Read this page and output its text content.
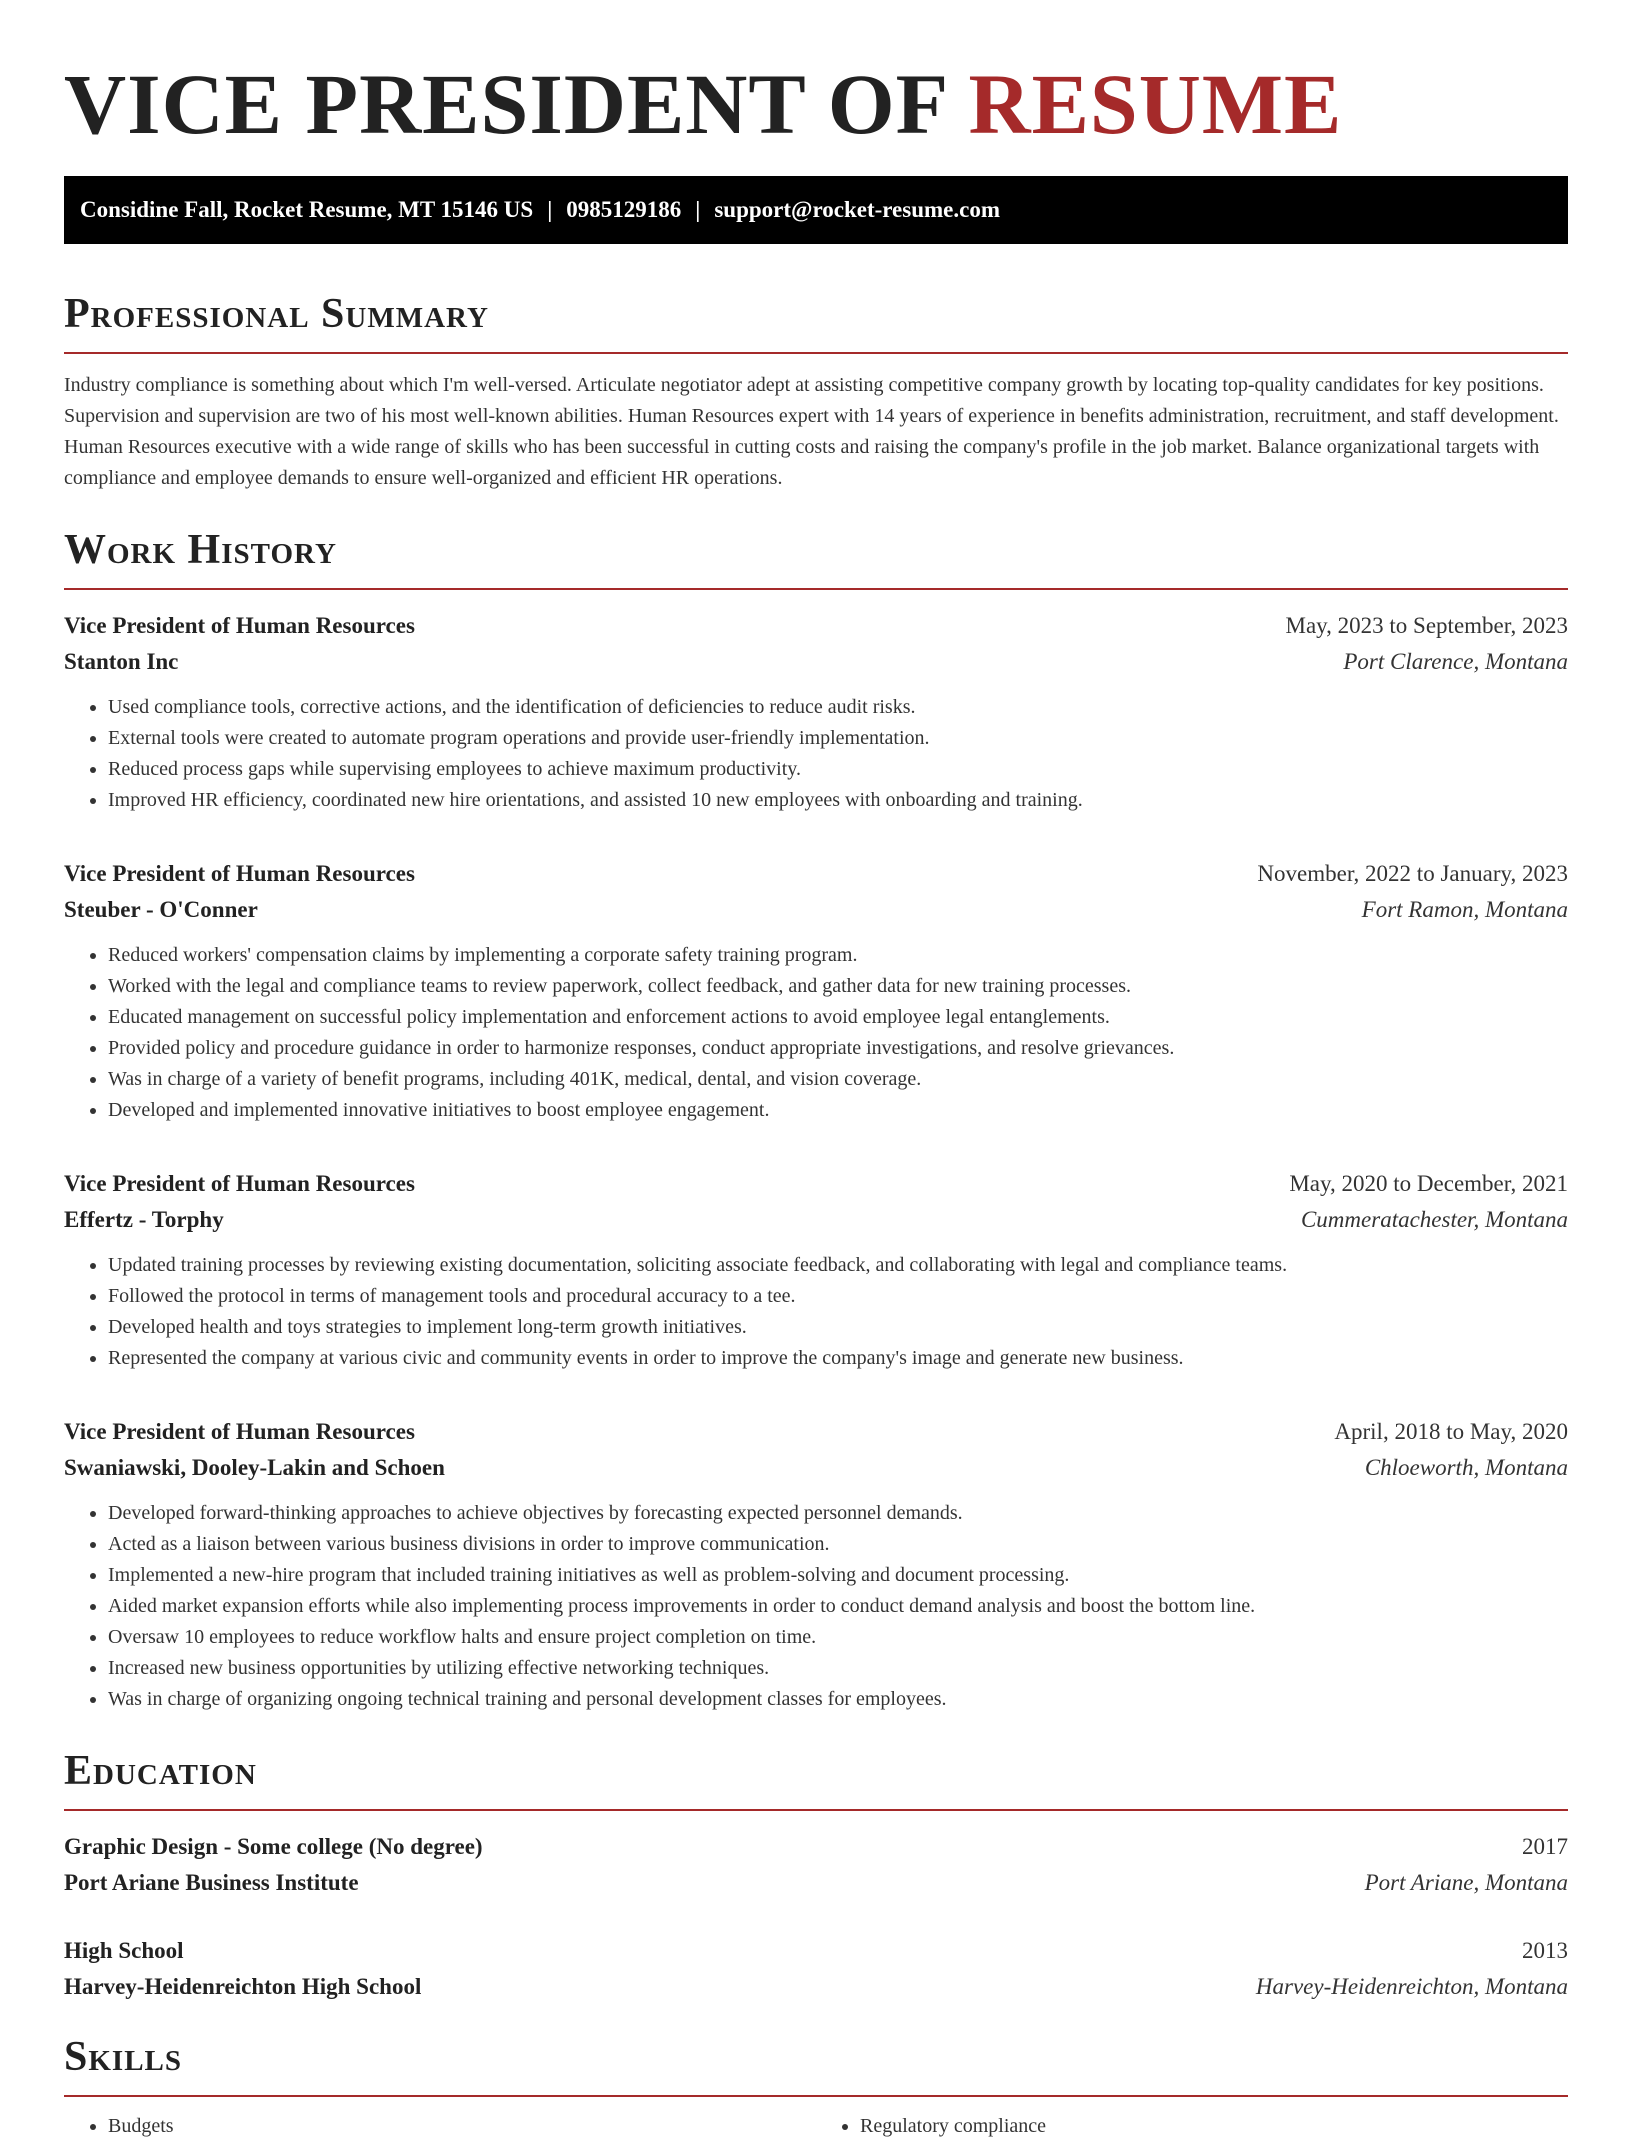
VICE PRESIDENT OF RESUME
Considine Fall, Rocket Resume, MT 15146 US | 0985129186 | support@rocket-resume.com
Professional Summary

Industry compliance is something about which I'm well-versed. Articulate negotiator adept at assisting competitive company growth by locating top-quality candidates for key positions. Supervision and supervision are two of his most well-known abilities. Human Resources expert with 14 years of experience in benefits administration, recruitment, and staff development. Human Resources executive with a wide range of skills who has been successful in cutting costs and raising the company's profile in the job market. Balance organizational targets with compliance and employee demands to ensure well-organized and efficient HR operations.

Work History
Vice President of Human Resources	May, 2023 to September, 2023
Stanton Inc	Port Clarence, Montana
• Used compliance tools, corrective actions, and the identification of deficiencies to reduce audit risks.
• External tools were created to automate program operations and provide user-friendly implementation.
• Reduced process gaps while supervising employees to achieve maximum productivity.
• Improved HR efficiency, coordinated new hire orientations, and assisted 10 new employees with onboarding and training.
Vice President of Human Resources	November, 2022 to January, 2023
Steuber - O'Conner	Fort Ramon, Montana
• Reduced workers' compensation claims by implementing a corporate safety training program.
• Worked with the legal and compliance teams to review paperwork, collect feedback, and gather data for new training processes.
• Educated management on successful policy implementation and enforcement actions to avoid employee legal entanglements.
• Provided policy and procedure guidance in order to harmonize responses, conduct appropriate investigations, and resolve grievances.
• Was in charge of a variety of benefit programs, including 401K, medical, dental, and vision coverage.
• Developed and implemented innovative initiatives to boost employee engagement.
Vice President of Human Resources	May, 2020 to December, 2021
Effertz - Torphy	Cummeratachester, Montana
• Updated training processes by reviewing existing documentation, soliciting associate feedback, and collaborating with legal and compliance teams.
• Followed the protocol in terms of management tools and procedural accuracy to a tee.
• Developed health and toys strategies to implement long-term growth initiatives.
• Represented the company at various civic and community events in order to improve the company's image and generate new business.
Vice President of Human Resources	April, 2018 to May, 2020
Swaniawski, Dooley-Lakin and Schoen	Chloeworth, Montana
• Developed forward-thinking approaches to achieve objectives by forecasting expected personnel demands.
• Acted as a liaison between various business divisions in order to improve communication.
• Implemented a new-hire program that included training initiatives as well as problem-solving and document processing.
• Aided market expansion efforts while also implementing process improvements in order to conduct demand analysis and boost the bottom line.
• Oversaw 10 employees to reduce workflow halts and ensure project completion on time.
• Increased new business opportunities by utilizing effective networking techniques.
• Was in charge of organizing ongoing technical training and personal development classes for employees.
Education
Graphic Design - Some college (No degree)	2017
Port Ariane Business Institute	Port Ariane, Montana
High School	2013
Harvey-Heidenreichton High School	Harvey-Heidenreichton, Montana
Skills
• Budgets
•	Regulatory compliance
